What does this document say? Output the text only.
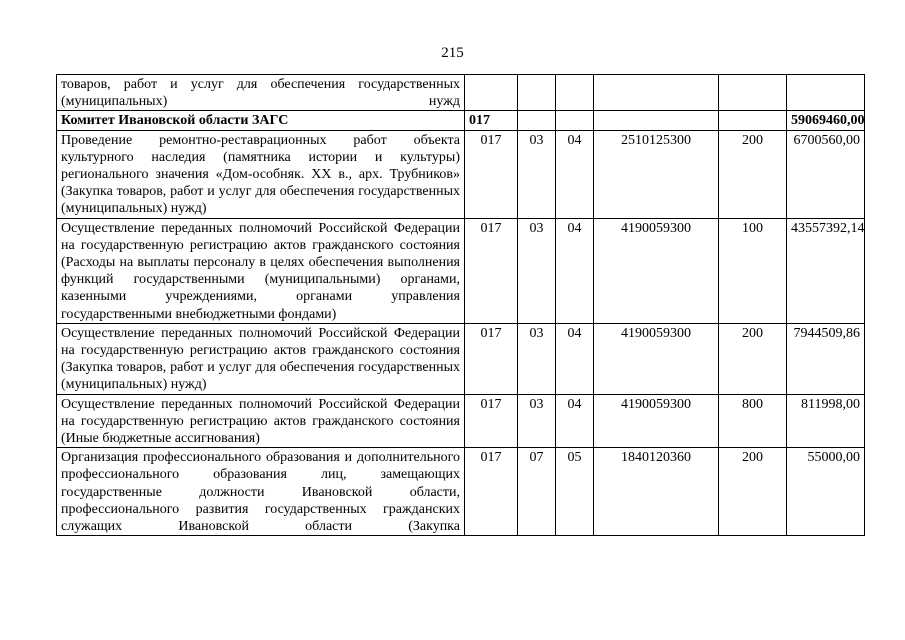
215
товаров, работ и услуг для обеспечения государственных (муниципальных) нужд						
Комитет Ивановской области ЗАГС	017					59069460,00
Проведение ремонтно-реставрационных работ объекта культурного наследия (памятника истории и культуры) регионального значения «Дом-особняк. XX в., арх. Трубников» (Закупка товаров, работ и услуг для обеспечения государственных (муниципальных) нужд)	017	03	04	2510125300	200	6700560,00
Осуществление переданных полномочий Российской Федерации на государственную регистрацию актов гражданского состояния (Расходы на выплаты персоналу в целях обеспечения выполнения функций государственными (муниципальными) органами, казенными учреждениями, органами управления государственными внебюджетными фондами)	017	03	04	4190059300	100	43557392,14
Осуществление переданных полномочий Российской Федерации на государственную регистрацию актов гражданского состояния (Закупка товаров, работ и услуг для обеспечения государственных (муниципальных) нужд)	017	03	04	4190059300	200	7944509,86
Осуществление переданных полномочий Российской Федерации на государственную регистрацию актов гражданского состояния (Иные бюджетные ассигнования)	017	03	04	4190059300	800	811998,00
Организация профессионального образования и дополнительного профессионального образования лиц, замещающих государственные должности Ивановской области, профессионального развития государственных гражданских служащих Ивановской области (Закупка	017	07	05	1840120360	200	55000,00
